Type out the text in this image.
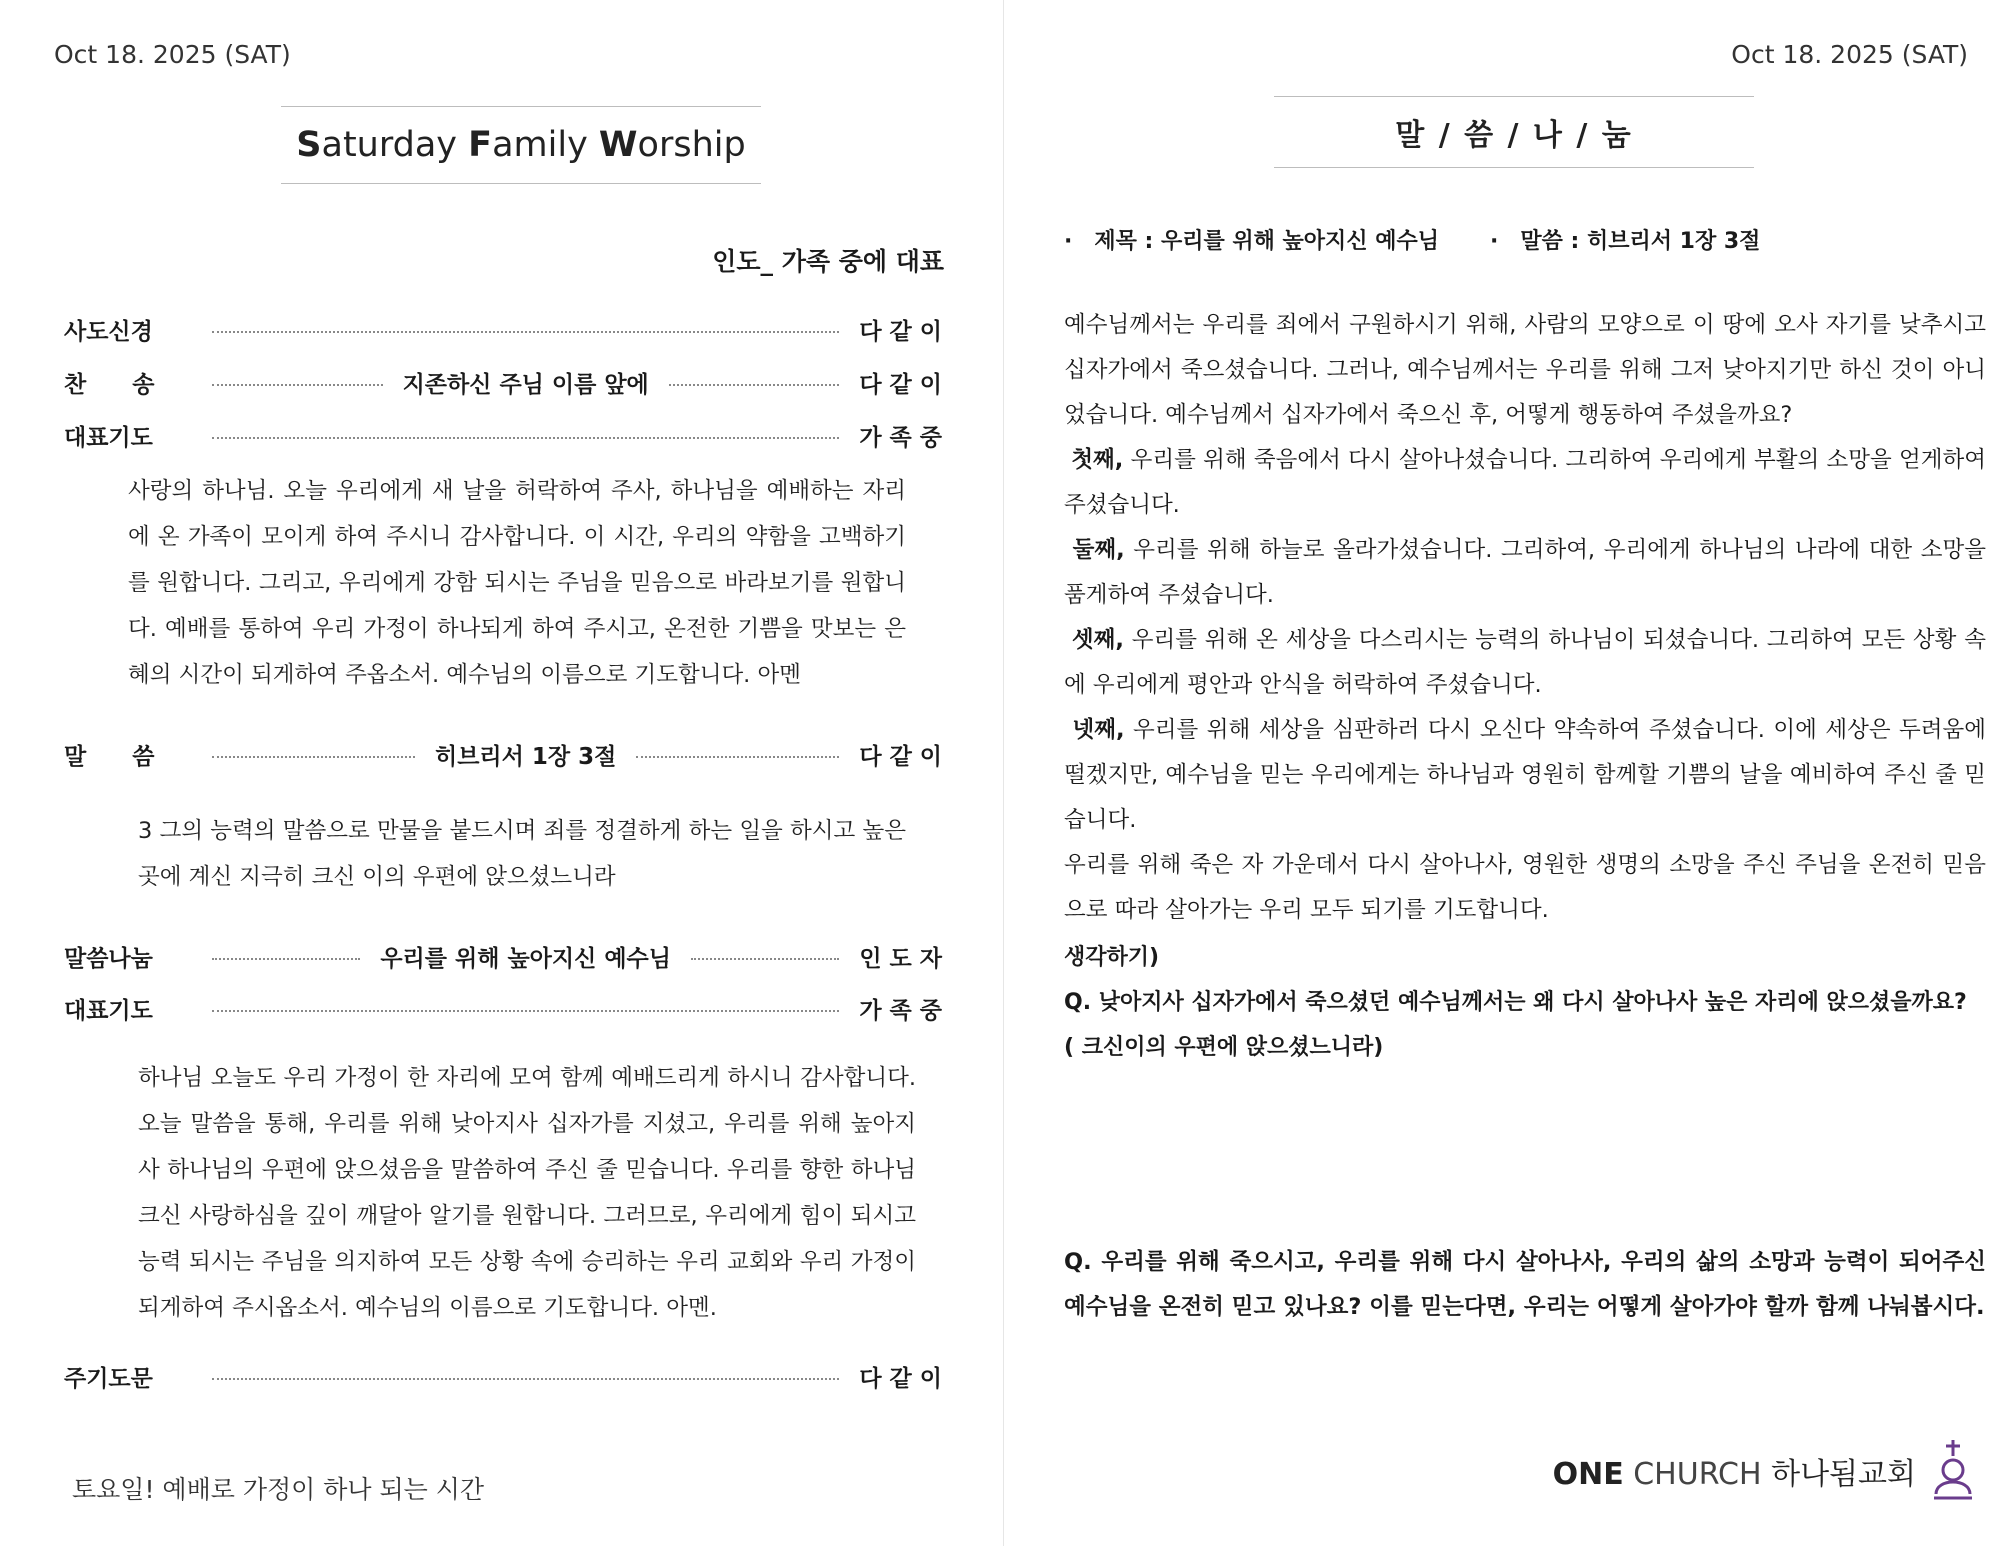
Oct 18. 2025 (SAT)
Saturday Family Worship
인도_ 가족 중에 대표
사도신경	다 같 이
찬　　송	지존하신 주님 이름 앞에	다 같 이
대표기도	가 족 중

사랑의 하나님. 오늘 우리에게 새 날을 허락하여 주사, 하나님을 예배하는 자리에 온 가족이 모이게 하여 주시니 감사합니다. 이 시간, 우리의 약함을 고백하기를 원합니다. 그리고, 우리에게 강함 되시는 주님을 믿음으로 바라보기를 원합니다. 예배를 통하여 우리 가정이 하나되게 하여 주시고, 온전한 기쁨을 맛보는 은혜의 시간이 되게하여 주옵소서. 예수님의 이름으로 기도합니다. 아멘

말　　씀	히브리서 1장 3절	다 같 이

3 그의 능력의 말씀으로 만물을 붙드시며 죄를 정결하게 하는 일을 하시고 높은 곳에 계신 지극히 크신 이의 우편에 앉으셨느니라

말씀나눔	우리를 위해 높아지신 예수님	인 도 자
대표기도	가 족 중

하나님 오늘도 우리 가정이 한 자리에 모여 함께 예배드리게 하시니 감사합니다. 오늘 말씀을 통해, 우리를 위해 낮아지사 십자가를 지셨고, 우리를 위해 높아지사 하나님의 우편에 앉으셨음을 말씀하여 주신 줄 믿습니다. 우리를 향한 하나님 크신 사랑하심을 깊이 깨달아 알기를 원합니다. 그러므로, 우리에게 힘이 되시고 능력 되시는 주님을 의지하여 모든 상황 속에 승리하는 우리 교회와 우리 가정이 되게하여 주시옵소서. 예수님의 이름으로 기도합니다. 아멘.

주기도문	다 같 이
토요일! 예배로 가정이 하나 되는 시간
Oct 18. 2025 (SAT)
말 / 씀 / 나 / 눔
·　제목 : 우리를 위해 높아지신 예수님 ·　말씀 : 히브리서 1장 3절

예수님께서는 우리를 죄에서 구원하시기 위해, 사람의 모양으로 이 땅에 오사 자기를 낮추시고 십자가에서 죽으셨습니다. 그러나, 예수님께서는 우리를 위해 그저 낮아지기만 하신 것이 아니었습니다. 예수님께서 십자가에서 죽으신 후, 어떻게 행동하여 주셨을까요?

첫째, 우리를 위해 죽음에서 다시 살아나셨습니다. 그리하여 우리에게 부활의 소망을 얻게하여 주셨습니다.

둘째, 우리를 위해 하늘로 올라가셨습니다. 그리하여, 우리에게 하나님의 나라에 대한 소망을 품게하여 주셨습니다.

셋째, 우리를 위해 온 세상을 다스리시는 능력의 하나님이 되셨습니다. 그리하여 모든 상황 속에 우리에게 평안과 안식을 허락하여 주셨습니다.

넷째, 우리를 위해 세상을 심판하러 다시 오신다 약속하여 주셨습니다. 이에 세상은 두려움에 떨겠지만, 예수님을 믿는 우리에게는 하나님과 영원히 함께할 기쁨의 날을 예비하여 주신 줄 믿습니다.

우리를 위해 죽은 자 가운데서 다시 살아나사, 영원한 생명의 소망을 주신 주님을 온전히 믿음으로 따라 살아가는 우리 모두 되기를 기도합니다.

생각하기)
Q. 낮아지사 십자가에서 죽으셨던 예수님께서는 왜 다시 살아나사 높은 자리에 앉으셨을까요?
( 크신이의 우편에 앉으셨느니라)

Q. 우리를 위해 죽으시고, 우리를 위해 다시 살아나사, 우리의 삶의 소망과 능력이 되어주신 예수님을 온전히 믿고 있나요? 이를 믿는다면, 우리는 어떻게 살아가야 할까 함께 나눠봅시다.

ONE CHURCH 하나됨교회
